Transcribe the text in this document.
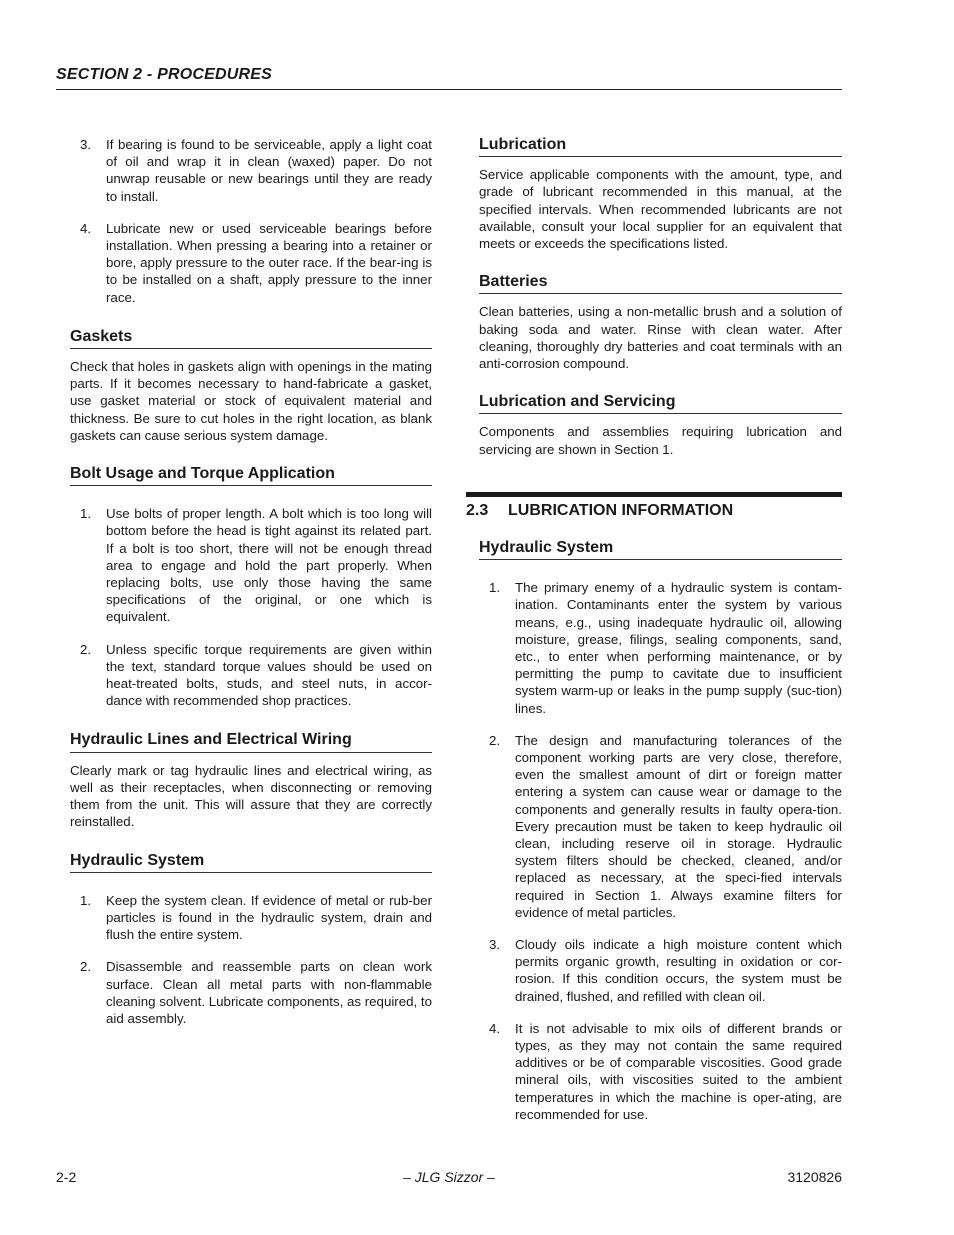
SECTION 2 - PROCEDURES
3. If bearing is found to be serviceable, apply a light coat of oil and wrap it in clean (waxed) paper. Do not unwrap reusable or new bearings until they are ready to install.
4. Lubricate new or used serviceable bearings before installation. When pressing a bearing into a retainer or bore, apply pressure to the outer race. If the bear-ing is to be installed on a shaft, apply pressure to the inner race.
Gaskets

Check that holes in gaskets align with openings in the mating parts. If it becomes necessary to hand-fabricate a gasket, use gasket material or stock of equivalent material and thickness. Be sure to cut holes in the right location, as blank gaskets can cause serious system damage.

Bolt Usage and Torque Application
1. Use bolts of proper length. A bolt which is too long will bottom before the head is tight against its related part. If a bolt is too short, there will not be enough thread area to engage and hold the part properly. When replacing bolts, use only those having the same specifications of the original, or one which is equivalent.
2. Unless specific torque requirements are given within the text, standard torque values should be used on heat-treated bolts, studs, and steel nuts, in accor-dance with recommended shop practices.
Hydraulic Lines and Electrical Wiring

Clearly mark or tag hydraulic lines and electrical wiring, as well as their receptacles, when disconnecting or removing them from the unit. This will assure that they are correctly reinstalled.

Hydraulic System
1. Keep the system clean. If evidence of metal or rub-ber particles is found in the hydraulic system, drain and flush the entire system.
2. Disassemble and reassemble parts on clean work surface. Clean all metal parts with non-flammable cleaning solvent. Lubricate components, as required, to aid assembly.
Lubrication

Service applicable components with the amount, type, and grade of lubricant recommended in this manual, at the specified intervals. When recommended lubricants are not available, consult your local supplier for an equivalent that meets or exceeds the specifications listed.

Batteries

Clean batteries, using a non-metallic brush and a solution of baking soda and water. Rinse with clean water. After cleaning, thoroughly dry batteries and coat terminals with an anti-corrosion compound.

Lubrication and Servicing

Components and assemblies requiring lubrication and servicing are shown in Section 1.

2.3 LUBRICATION INFORMATION
Hydraulic System
1. The primary enemy of a hydraulic system is contam-ination. Contaminants enter the system by various means, e.g., using inadequate hydraulic oil, allowing moisture, grease, filings, sealing components, sand, etc., to enter when performing maintenance, or by permitting the pump to cavitate due to insufficient system warm-up or leaks in the pump supply (suc-tion) lines.
2. The design and manufacturing tolerances of the component working parts are very close, therefore, even the smallest amount of dirt or foreign matter entering a system can cause wear or damage to the components and generally results in faulty opera-tion. Every precaution must be taken to keep hydraulic oil clean, including reserve oil in storage. Hydraulic system filters should be checked, cleaned, and/or replaced as necessary, at the speci-fied intervals required in Section 1. Always examine filters for evidence of metal particles.
3. Cloudy oils indicate a high moisture content which permits organic growth, resulting in oxidation or cor-rosion. If this condition occurs, the system must be drained, flushed, and refilled with clean oil.
4. It is not advisable to mix oils of different brands or types, as they may not contain the same required additives or be of comparable viscosities. Good grade mineral oils, with viscosities suited to the ambient temperatures in which the machine is oper-ating, are recommended for use.
2-2	– JLG Sizzor –	3120826
